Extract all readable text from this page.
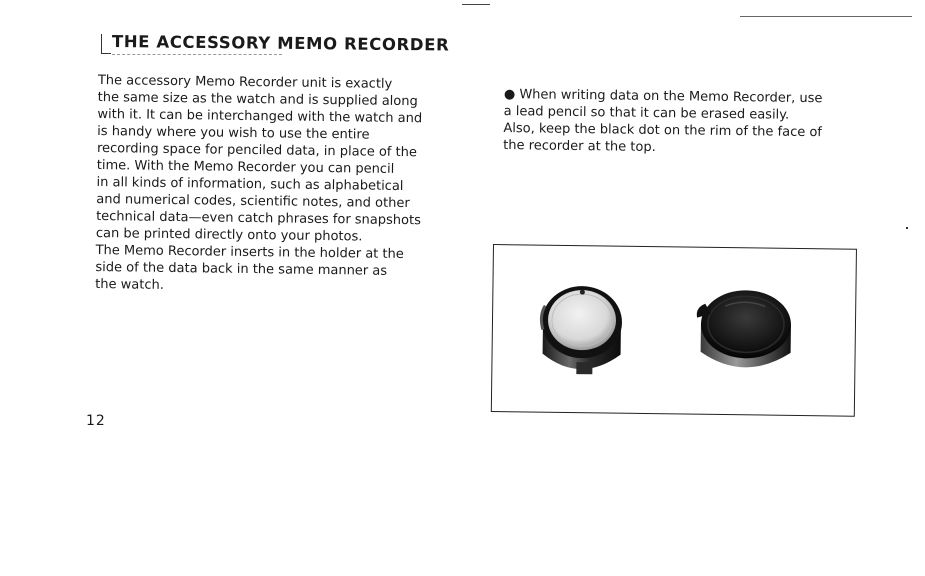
THE ACCESSORY MEMO RECORDER
The accessory Memo Recorder unit is exactly
the same size as the watch and is supplied along
with it. It can be interchanged with the watch and
is handy where you wish to use the entire
recording space for penciled data, in place of the
time. With the Memo Recorder you can pencil
in all kinds of information, such as alphabetical
and numerical codes, scientific notes, and other
technical data—even catch phrases for snapshots
can be printed directly onto your photos.
The Memo Recorder inserts in the holder at the
side of the data back in the same manner as
the watch.
● When writing data on the Memo Recorder, use
a lead pencil so that it can be erased easily.
Also, keep the black dot on the rim of the face of
the recorder at the top.
12
